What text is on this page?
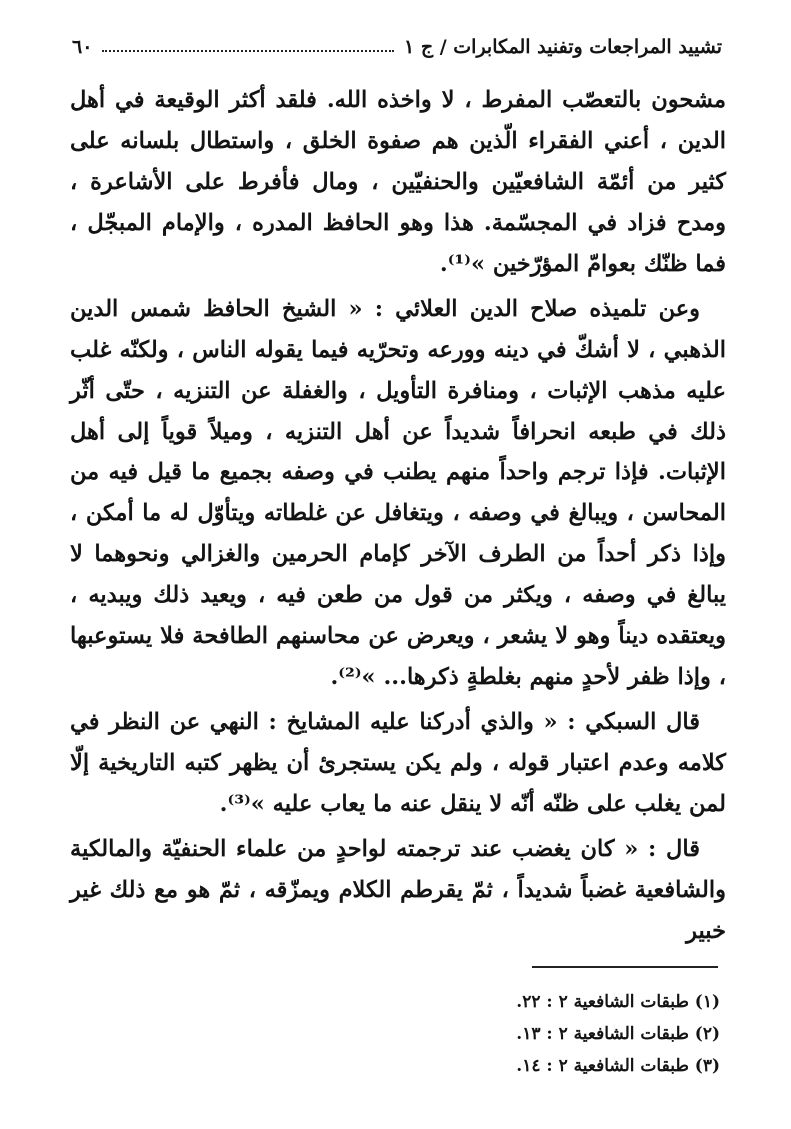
تشييد المراجعات وتفنيد المكابرات / ج ١
٦٠

مشحون بالتعصّب المفرط ، لا واخذه الله. فلقد أكثر الوقيعة في أهل الدين ، أعني الفقراء الّذين هم صفوة الخلق ، واستطال بلسانه على كثير من أئمّة الشافعيّين والحنفيّين ، ومال فأفرط على الأشاعرة ، ومدح فزاد في المجسّمة. هذا وهو الحافظ المدره ، والإمام المبجّل ، فما ظنّك بعوامّ المؤرّخين »⁽¹⁾.

وعن تلميذه صلاح الدين العلائي : « الشيخ الحافظ شمس الدين الذهبي ، لا أشكّ في دينه وورعه وتحرّيه فيما يقوله الناس ، ولكنّه غلب عليه مذهب الإثبات ، ومنافرة التأويل ، والغفلة عن التنزيه ، حتّى أثّر ذلك في طبعه انحرافاً شديداً عن أهل التنزيه ، وميلاً قوياً إلى أهل الإثبات. فإذا ترجم واحداً منهم يطنب في وصفه بجميع ما قيل فيه من المحاسن ، ويبالغ في وصفه ، ويتغافل عن غلطاته ويتأوّل له ما أمكن ، وإذا ذكر أحداً من الطرف الآخر كإمام الحرمين والغزالي ونحوهما لا يبالغ في وصفه ، ويكثر من قول من طعن فيه ، ويعيد ذلك ويبديه ، ويعتقده ديناً وهو لا يشعر ، ويعرض عن محاسنهم الطافحة فلا يستوعبها ، وإذا ظفر لأحدٍ منهم بغلطةٍ ذكرها... »⁽²⁾.

قال السبكي : « والذي أدركنا عليه المشايخ : النهي عن النظر في كلامه وعدم اعتبار قوله ، ولم يكن يستجرئ أن يظهر كتبه التاريخية إلّا لمن يغلب على ظنّه أنّه لا ينقل عنه ما يعاب عليه »⁽³⁾.

قال : « كان يغضب عند ترجمته لواحدٍ من علماء الحنفيّة والمالكية والشافعية غضباً شديداً ، ثمّ يقرطم الكلام ويمزّقه ، ثمّ هو مع ذلك غير خبير

(١) طبقات الشافعية ٢ : ٢٢.

(٢) طبقات الشافعية ٢ : ١٣.

(٣) طبقات الشافعية ٢ : ١٤.
